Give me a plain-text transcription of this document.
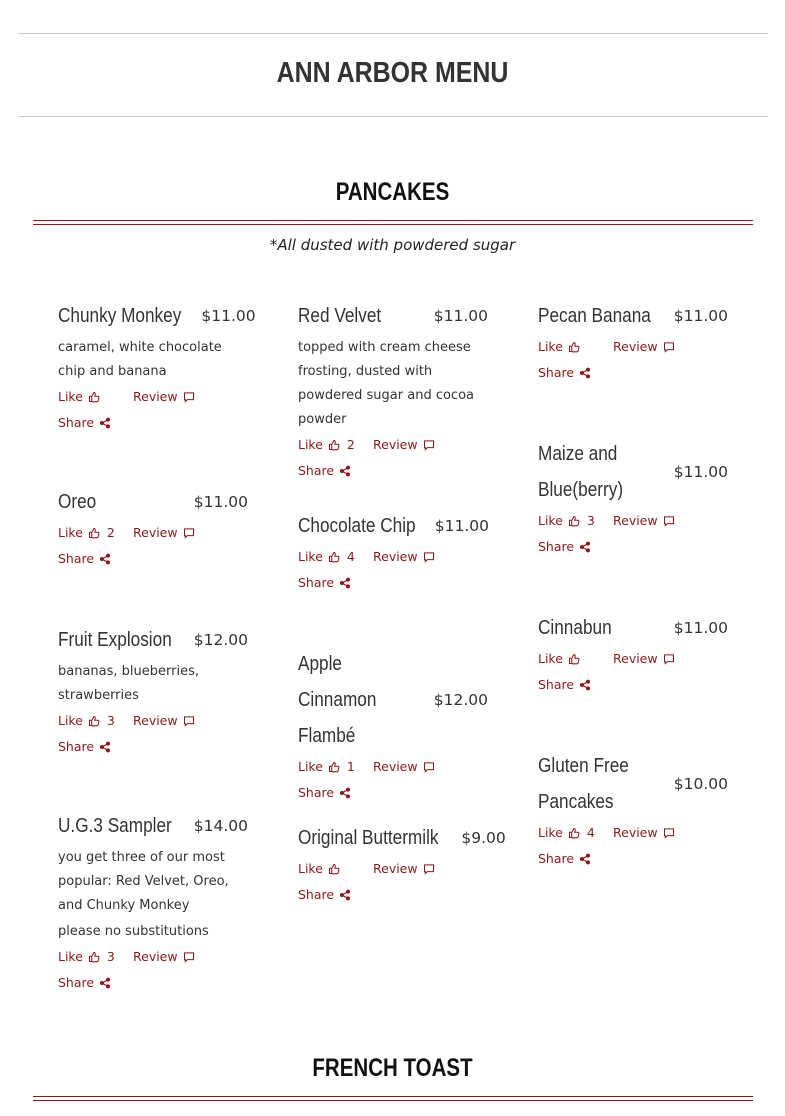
ANN ARBOR MENU
PANCAKES
*All dusted with powdered sugar
Chunky Monkey $11.00
caramel, white chocolate chip and banana
Like	Review
Share
Oreo	$11.00
Like 2 Review
Share
Fruit Explosion $12.00
bananas, blueberries, strawberries
Like 3 Review
Share
U.G.3 Sampler $14.00
you get three of our most popular: Red Velvet, Oreo, and Chunky Monkey
please no substitutions
Like 3 Review
Share
Red Velvet	$11.00
topped with cream cheese frosting, dusted with powdered sugar and cocoa powder
Like 2 Review
Share
Chocolate Chip $11.00
Like 4 Review
Share
Apple Cinnamon Flambé
$12.00
Like 1 Review
Share
Original Buttermilk $9.00
Like	Review
Share
Pecan Banana $11.00
Like	Review
Share
Maize and Blue(berry)
$11.00
Like 3 Review
Share
Cinnabun	$11.00
Like	Review
Share
Gluten Free Pancakes
$10.00
Like 4 Review
Share
FRENCH TOAST
